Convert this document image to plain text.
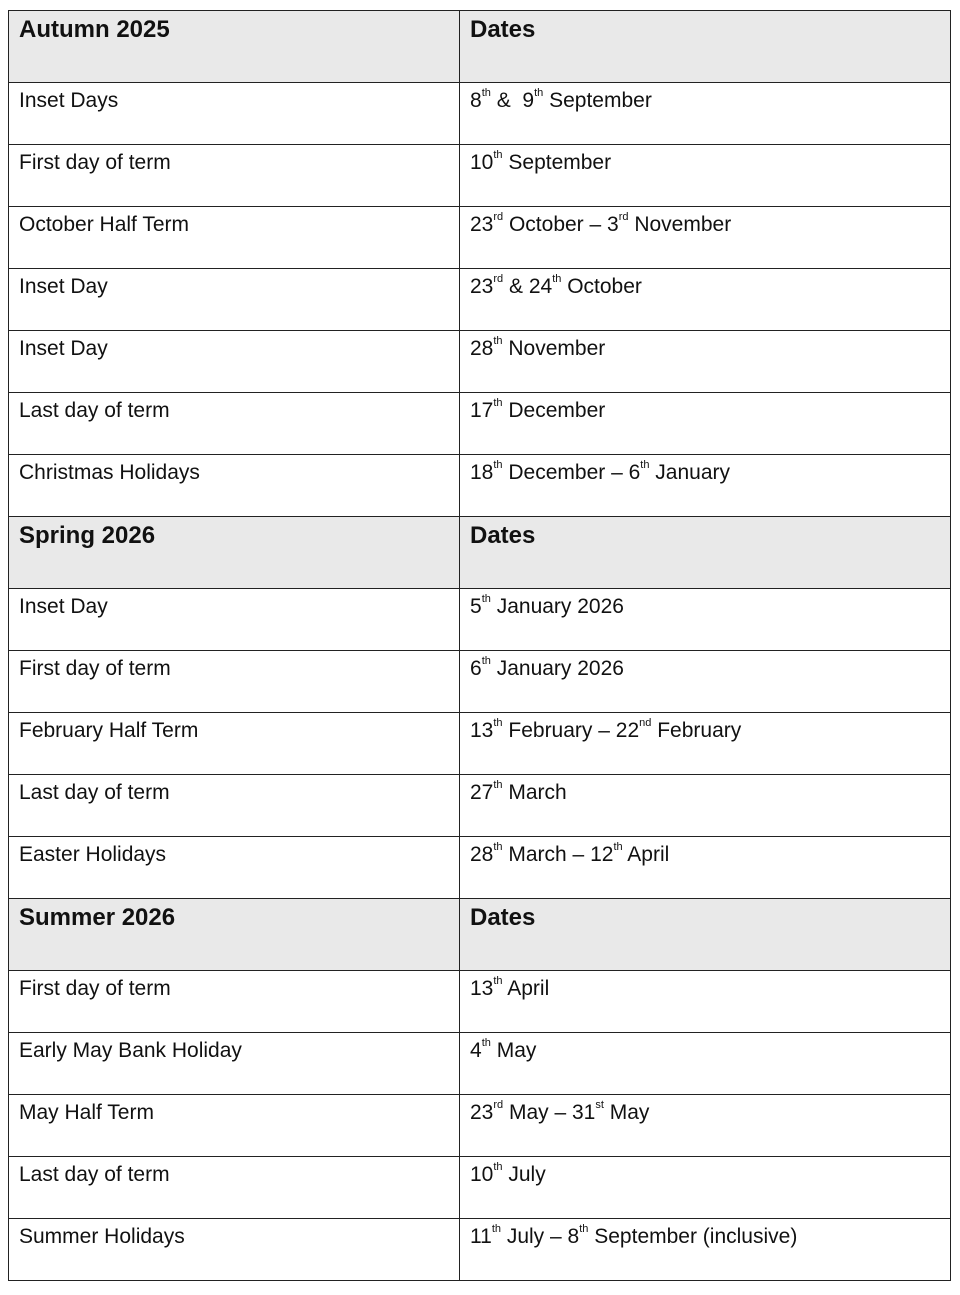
Autumn 2025	Dates
Inset Days	8th &  9th September
First day of term	10th September
October Half Term	23rd October – 3rd November
Inset Day	23rd & 24th October
Inset Day	28th November
Last day of term	17th December
Christmas Holidays	18th December – 6th January
Spring 2026	Dates
Inset Day	5th January 2026
First day of term	6th January 2026
February Half Term	13th February – 22nd February
Last day of term	27th March
Easter Holidays	28th March – 12th April
Summer 2026	Dates
First day of term	13th April
Early May Bank Holiday	4th May
May Half Term	23rd May – 31st May
Last day of term	10th July
Summer Holidays	11th July – 8th September (inclusive)
